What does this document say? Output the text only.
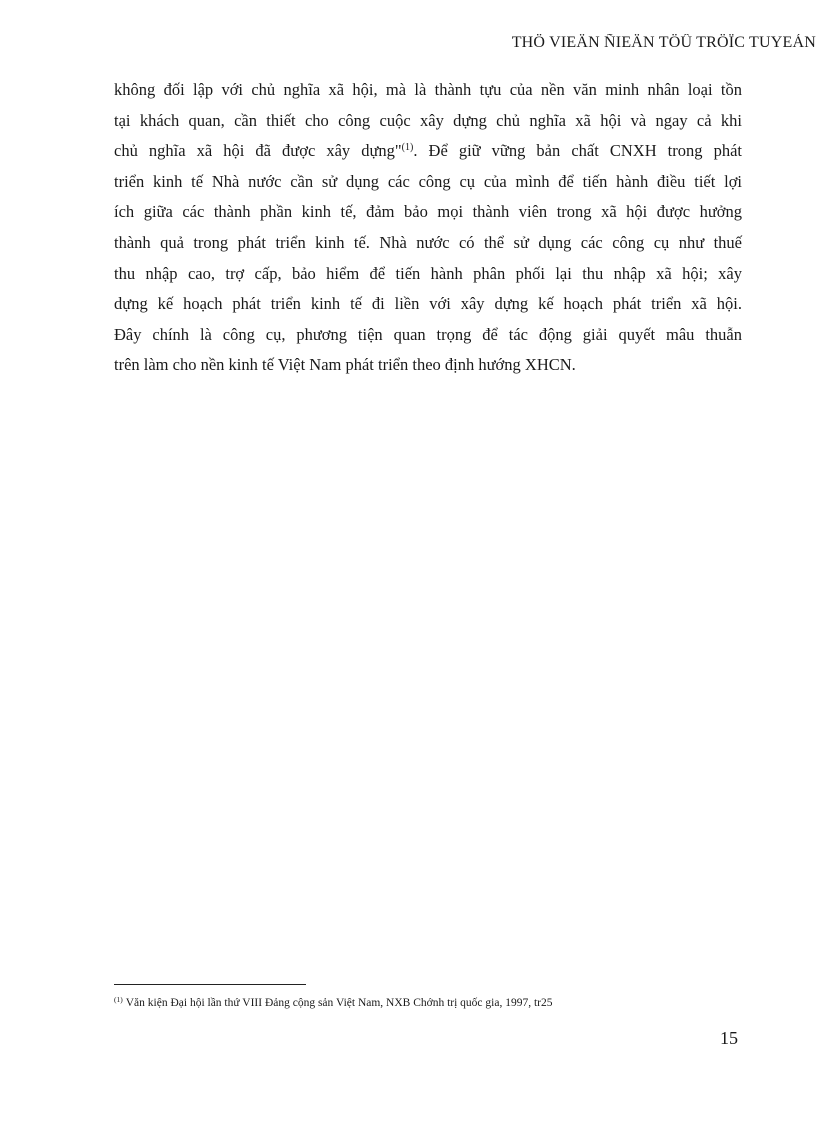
THÖ VIEÄN ÑIEÄN TÖÛ TRÖÏC TUYEÁN
không đối lập với chủ nghĩa xã hội, mà là thành tựu của nền văn minh nhân loại tồn
tại khách quan, cần thiết cho công cuộc xây dựng chủ nghĩa xã hội và ngay cả khi
chủ nghĩa xã hội đã được xây dựng"$^{(1)}$. Để giữ vững bản chất CNXH trong phát
triển kinh tế Nhà nước cần sử dụng các công cụ của mình để tiến hành điều tiết lợi
ích giữa các thành phần kinh tế, đảm bảo mọi thành viên trong xã hội được hưởng
thành quả trong phát triển kinh tế. Nhà nước có thể sử dụng các công cụ như thuế
thu nhập cao, trợ cấp, bảo hiểm để tiến hành phân phối lại thu nhập xã hội; xây
dựng kế hoạch phát triển kinh tế đi liền với xây dựng kế hoạch phát triển xã hội.
Đây chính là công cụ, phương tiện quan trọng để tác động giải quyết mâu thuẫn
trên làm cho nền kinh tế Việt Nam phát triển theo định hướng XHCN.
$^{(1)}$ Văn kiện Đại hội lần thứ VIII Đảng cộng sản Việt Nam, NXB Chớnh trị quốc gia, 1997, tr25
15
